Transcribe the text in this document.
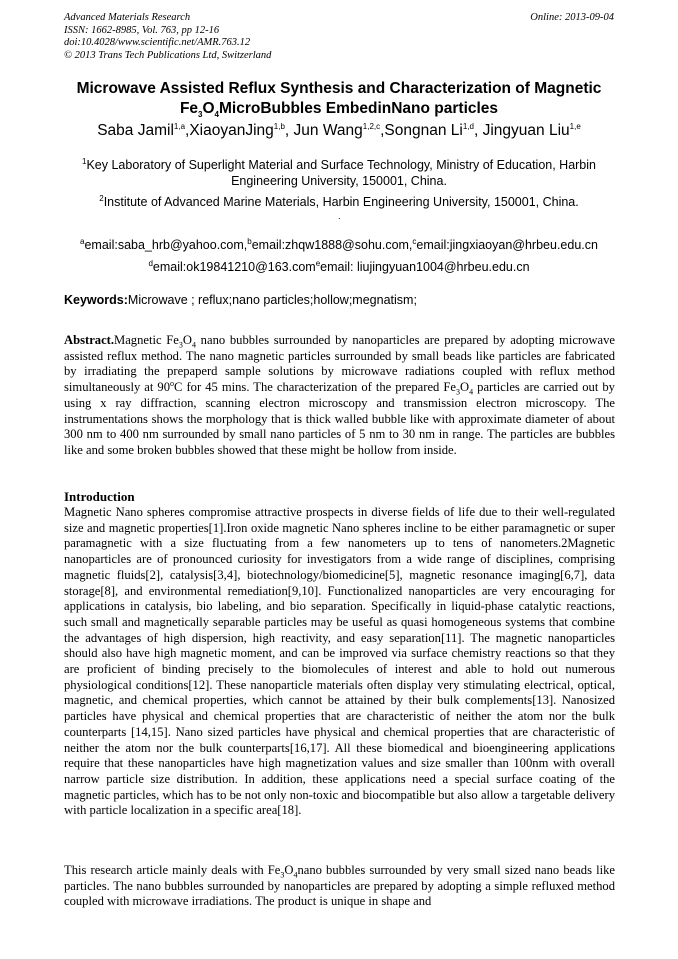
Advanced Materials Research
ISSN: 1662-8985, Vol. 763, pp 12-16
doi:10.4028/www.scientific.net/AMR.763.12
© 2013 Trans Tech Publications Ltd, Switzerland
Online: 2013-09-04
Microwave Assisted Reflux Synthesis and Characterization of Magnetic
$Fe_3O_4MicroBubbles$ EmbedinNano particles
Saba Jamil$^{1,a}$,XiaoyanJing$^{1,b}$, Jun Wang$^{1,2,c}$,Songnan Li$^{1,d}$, Jingyuan Liu$^{1,e}$
$^1$Key Laboratory of Superlight Material and Surface Technology, Ministry of Education, Harbin
Engineering University, 150001, China.
$^2$Institute of Advanced Marine Materials, Harbin Engineering University, 150001, China.
.
$^a$email:saba_hrb@yahoo.com,$^b$email:zhqw1888@sohu.com,$^c$email:jingxiaoyan@hrbeu.edu.cn
$^d$email:ok19841210@163.com$^e$email: liujingyuan1004@hrbeu.edu.cn
Keywords:Microwave ; reflux;nano particles;hollow;megnatism;

Abstract.Magnetic $Fe_3O_4$ nano bubbles surrounded by nanoparticles are prepared by adopting microwave assisted reflux method. The nano magnetic particles surrounded by small beads like particles are fabricated by irradiating the prepaperd sample solutions by microwave radiations coupled with reflux method simultaneously at 90$^o$C for 45 mins. The characterization of the prepared $Fe_3O_4$ particles are carried out by using x ray diffraction, scanning electron microscopy and transmission electron microscopy. The instrumentations shows the morphology that is thick walled bubble like with approximate diameter of about 300 nm to 400 nm surrounded by small nano particles of 5 nm to 30 nm in range. The particles are bubbles like and some broken bubbles showed that these might be hollow from inside.

Introduction

Magnetic Nano spheres compromise attractive prospects in diverse fields of life due to their well-regulated size and magnetic properties[1].Iron oxide magnetic Nano spheres incline to be either paramagnetic or super paramagnetic with a size fluctuating from a few nanometers up to tens of nanometers.2Magnetic nanoparticles are of pronounced curiosity for investigators from a wide range of disciplines, comprising magnetic fluids[2], catalysis[3,4], biotechnology/biomedicine[5], magnetic resonance imaging[6,7], data storage[8], and environmental remediation[9,10]. Functionalized nanoparticles are very encouraging for applications in catalysis, bio labeling, and bio separation. Specifically in liquid-phase catalytic reactions, such small and magnetically separable particles may be useful as quasi homogeneous systems that combine the advantages of high dispersion, high reactivity, and easy separation[11]. The magnetic nanoparticles should also have high magnetic moment, and can be improved via surface chemistry reactions so that they are proficient of binding precisely to the biomolecules of interest and able to hold out numerous physiological conditions[12]. These nanoparticle materials often display very stimulating electrical, optical, magnetic, and chemical properties, which cannot be attained by their bulk complements[13]. Nanosized particles have physical and chemical properties that are characteristic of neither the atom nor the bulk counterparts [14,15]. Nano sized particles have physical and chemical properties that are characteristic of neither the atom nor the bulk counterparts[16,17]. All these biomedical and bioengineering applications require that these nanoparticles have high magnetization values and size smaller than 100nm with overall narrow particle size distribution. In addition, these applications need a special surface coating of the magnetic particles, which has to be not only non-toxic and biocompatible but also allow a targetable delivery with particle localization in a specific area[18].

This research article mainly deals with $Fe_3O_4nano$ bubbles surrounded by very small sized nano beads like particles. The nano bubbles surrounded by nanoparticles are prepared by adopting a simple refluxed method coupled with microwave irradiations. The product is unique in shape and
